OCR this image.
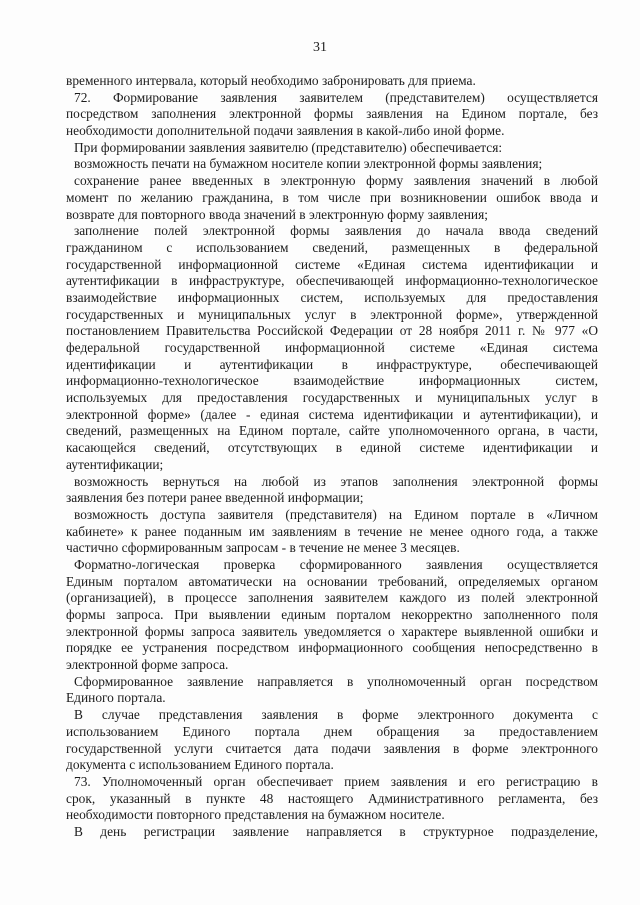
31
временного интервала, который необходимо забронировать для приема.
72. Формирование заявления заявителем (представителем) осуществляется
посредством заполнения электронной формы заявления на Едином портале, без
необходимости дополнительной подачи заявления в какой-либо иной форме.
При формировании заявления заявителю (представителю) обеспечивается:
возможность печати на бумажном носителе копии электронной формы заявления;
сохранение ранее введенных в электронную форму заявления значений в любой
момент по желанию гражданина, в том числе при возникновении ошибок ввода и
возврате для повторного ввода значений в электронную форму заявления;
заполнение полей электронной формы заявления до начала ввода сведений
гражданином с использованием сведений, размещенных в федеральной
государственной информационной системе «Единая система идентификации и
аутентификации в инфраструктуре, обеспечивающей информационно-технологическое
взаимодействие информационных систем, используемых для предоставления
государственных и муниципальных услуг в электронной форме», утвержденной
постановлением Правительства Российской Федерации от 28 ноября 2011 г. № 977 «О
федеральной государственной информационной системе «Единая система
идентификации и аутентификации в инфраструктуре, обеспечивающей
информационно-технологическое взаимодействие информационных систем,
используемых для предоставления государственных и муниципальных услуг в
электронной форме» (далее - единая система идентификации и аутентификации), и
сведений, размещенных на Едином портале, сайте уполномоченного органа, в части,
касающейся сведений, отсутствующих в единой системе идентификации и
аутентификации;
возможность вернуться на любой из этапов заполнения электронной формы
заявления без потери ранее введенной информации;
возможность доступа заявителя (представителя) на Едином портале в «Личном
кабинете» к ранее поданным им заявлениям в течение не менее одного года, а также
частично сформированным запросам - в течение не менее 3 месяцев.
Форматно-логическая проверка сформированного заявления осуществляется
Единым порталом автоматически на основании требований, определяемых органом
(организацией), в процессе заполнения заявителем каждого из полей электронной
формы запроса. При выявлении единым порталом некорректно заполненного поля
электронной формы запроса заявитель уведомляется о характере выявленной ошибки и
порядке ее устранения посредством информационного сообщения непосредственно в
электронной форме запроса.
Сформированное заявление направляется в уполномоченный орган посредством
Единого портала.
В случае представления заявления в форме электронного документа с
использованием Единого портала днем обращения за предоставлением
государственной услуги считается дата подачи заявления в форме электронного
документа с использованием Единого портала.
73. Уполномоченный орган обеспечивает прием заявления и его регистрацию в
срок, указанный в пункте 48 настоящего Административного регламента, без
необходимости повторного представления на бумажном носителе.
В день регистрации заявление направляется в структурное подразделение,
